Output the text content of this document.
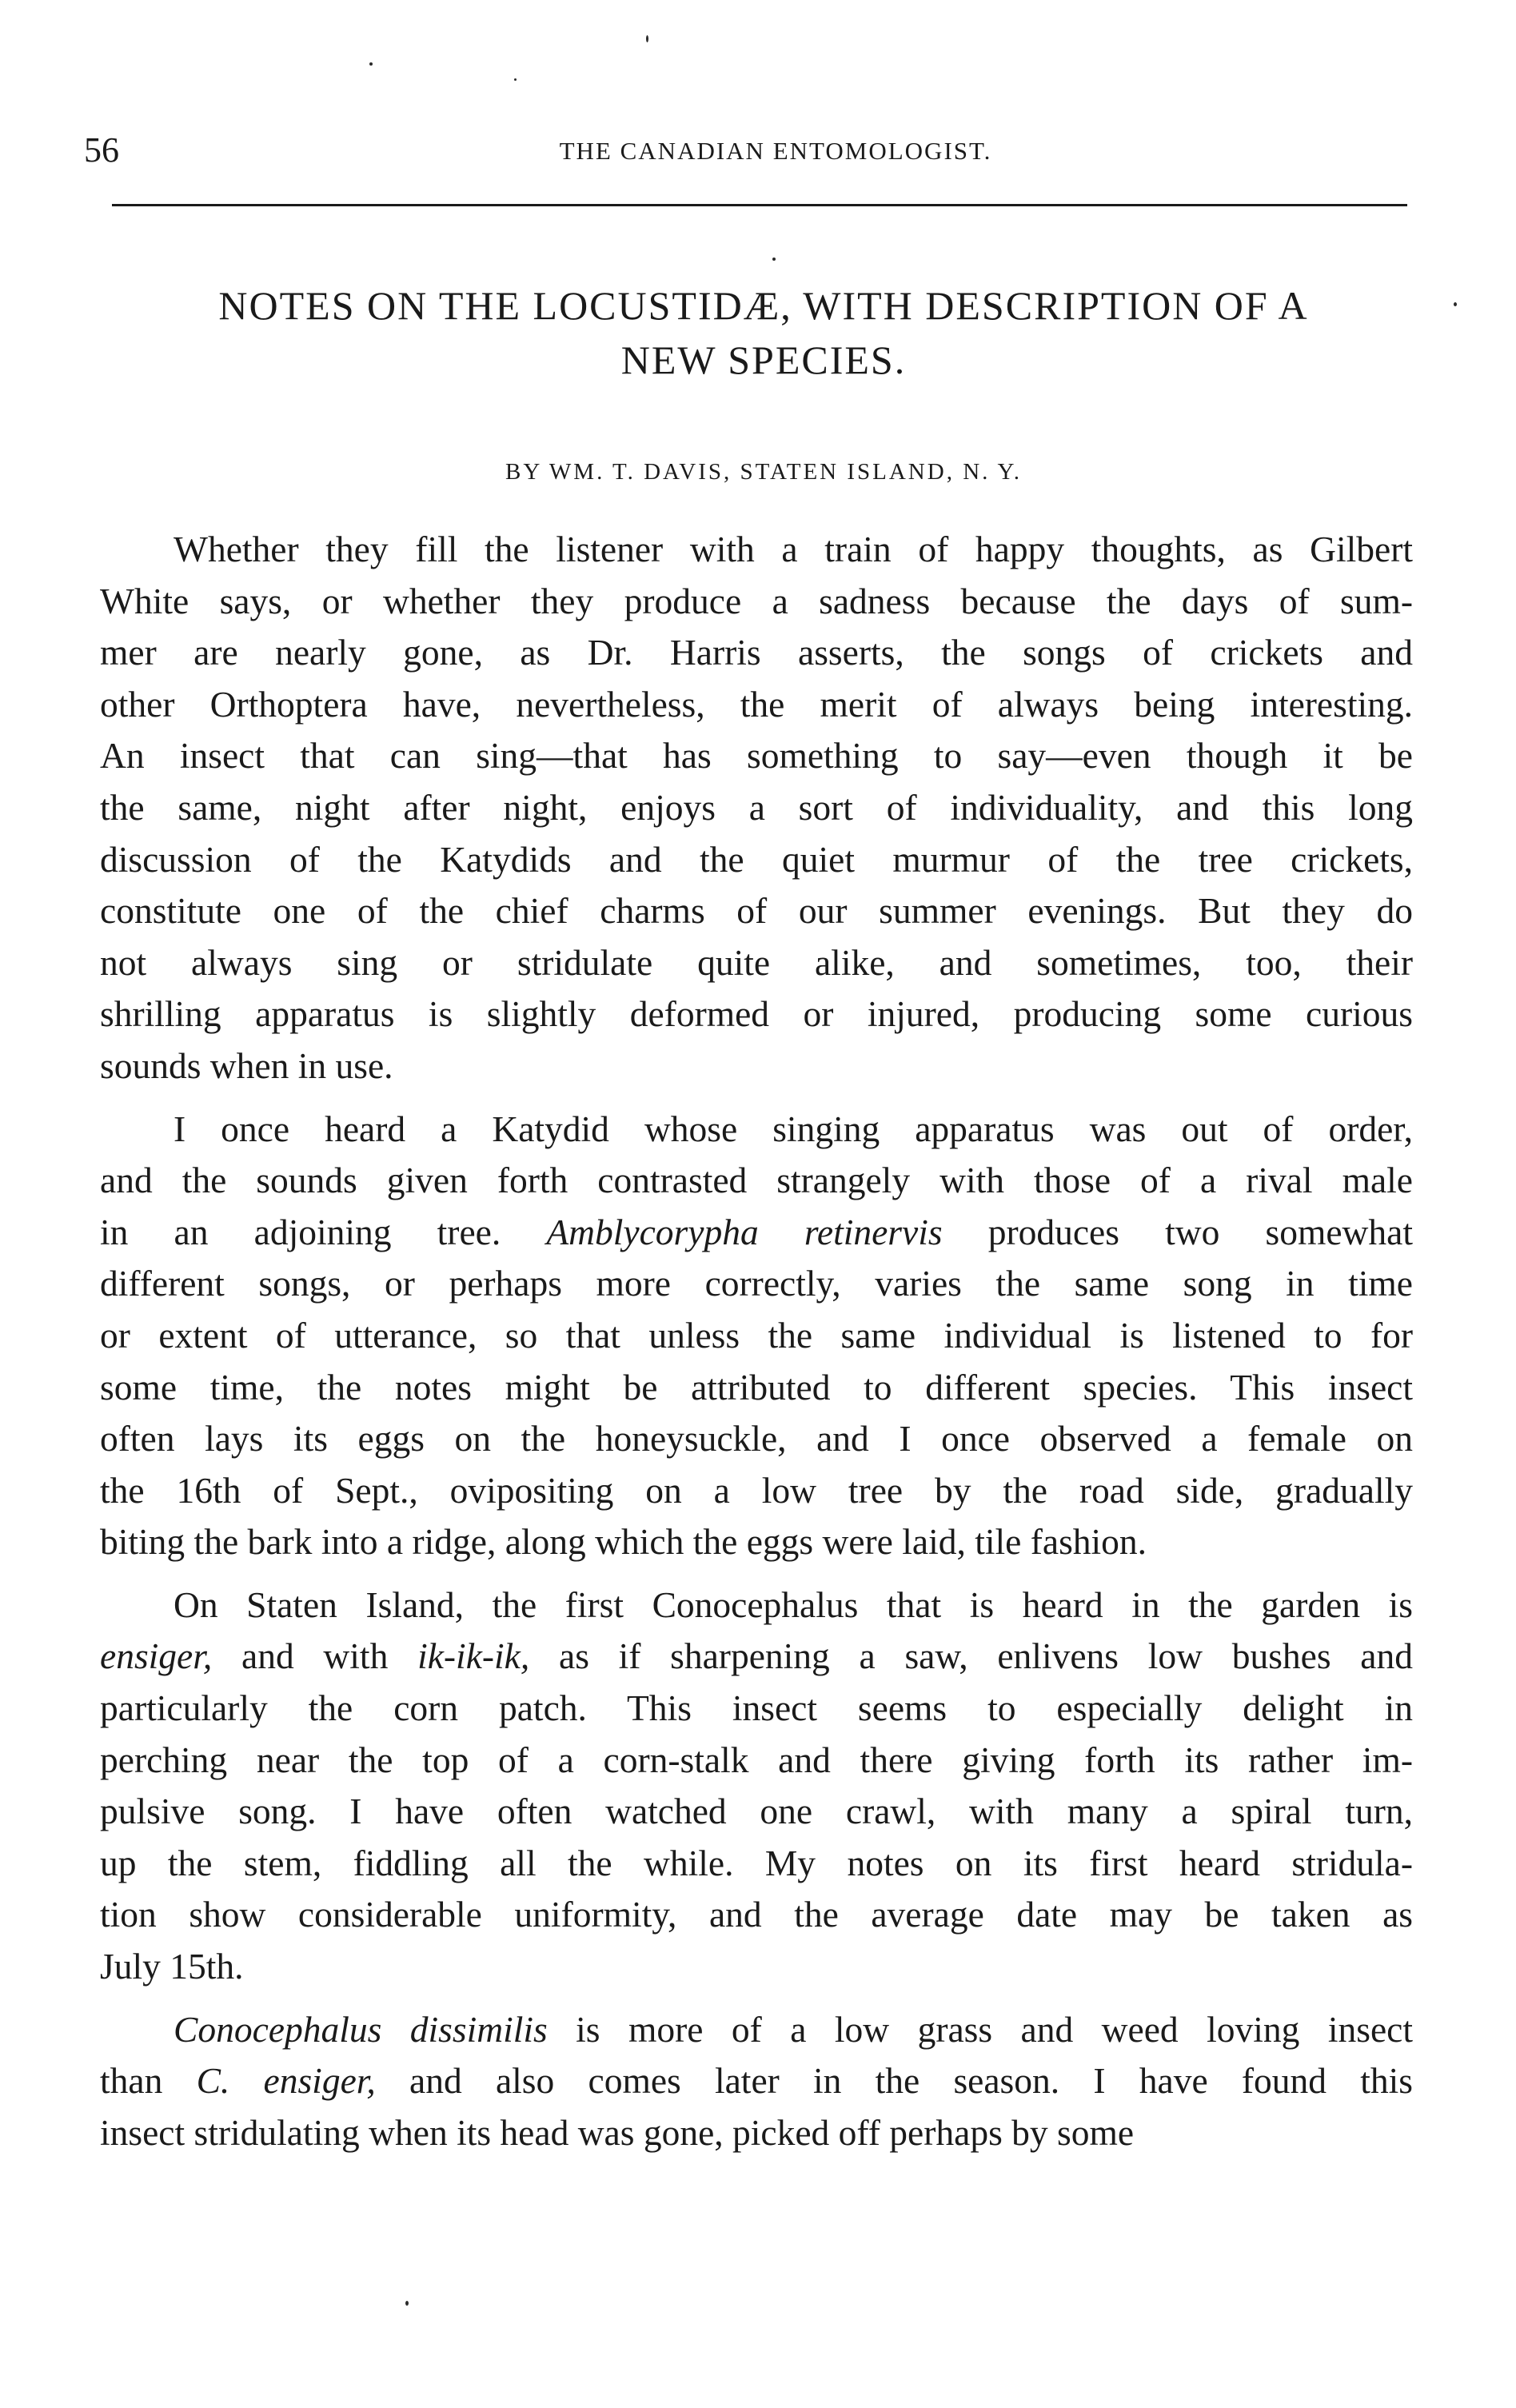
56	THE CANADIAN ENTOMOLOGIST.
NOTES ON THE LOCUSTIDÆ, WITH DESCRIPTION OF A
NEW SPECIES.
BY WM. T. DAVIS, STATEN ISLAND, N. Y.
Whether they fill the listener with a train of happy thoughts, as Gilbert
White says, or whether they produce a sadness because the days of sum-
mer are nearly gone, as Dr. Harris asserts, the songs of crickets and
other Orthoptera have, nevertheless, the merit of always being interesting.
An insect that can sing—that has something to say—even though it be
the same, night after night, enjoys a sort of individuality, and this long
discussion of the Katydids and the quiet murmur of the tree crickets,
constitute one of the chief charms of our summer evenings. But they do
not always sing or stridulate quite alike, and sometimes, too, their
shrilling apparatus is slightly deformed or injured, producing some curious
sounds when in use.
I once heard a Katydid whose singing apparatus was out of order,
and the sounds given forth contrasted strangely with those of a rival male
in an adjoining tree. Amblycorypha retinervis produces two somewhat
different songs, or perhaps more correctly, varies the same song in time
or extent of utterance, so that unless the same individual is listened to for
some time, the notes might be attributed to different species. This insect
often lays its eggs on the honeysuckle, and I once observed a female on
the 16th of Sept., ovipositing on a low tree by the road side, gradually
biting the bark into a ridge, along which the eggs were laid, tile fashion.
On Staten Island, the first Conocephalus that is heard in the garden is
ensiger, and with ik-ik-ik, as if sharpening a saw, enlivens low bushes and
particularly the corn patch. This insect seems to especially delight in
perching near the top of a corn-stalk and there giving forth its rather im-
pulsive song. I have often watched one crawl, with many a spiral turn,
up the stem, fiddling all the while. My notes on its first heard stridula-
tion show considerable uniformity, and the average date may be taken as
July 15th.
Conocephalus dissimilis is more of a low grass and weed loving insect
than C. ensiger, and also comes later in the season. I have found this
insect stridulating when its head was gone, picked off perhaps by some
